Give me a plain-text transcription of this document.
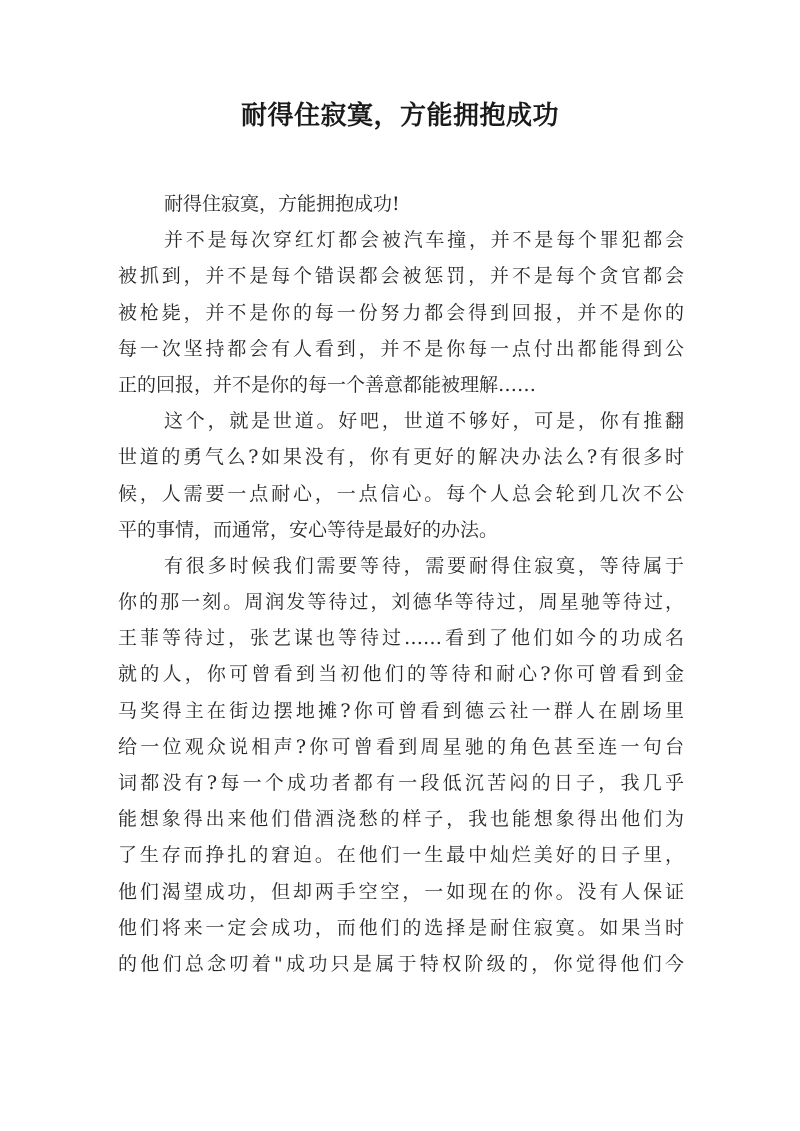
耐得住寂寞，方能拥抱成功
耐得住寂寞，方能拥抱成功!
并不是每次穿红灯都会被汽车撞，并不是每个罪犯都会
被抓到，并不是每个错误都会被惩罚，并不是每个贪官都会
被枪毙，并不是你的每一份努力都会得到回报，并不是你的
每一次坚持都会有人看到，并不是你每一点付出都能得到公
正的回报，并不是你的每一个善意都能被理解……
这个，就是世道。好吧，世道不够好，可是，你有推翻
世道的勇气么?如果没有，你有更好的解决办法么?有很多时
候，人需要一点耐心，一点信心。每个人总会轮到几次不公
平的事情，而通常，安心等待是最好的办法。
有很多时候我们需要等待，需要耐得住寂寞，等待属于
你的那一刻。周润发等待过，刘德华等待过，周星驰等待过，
王菲等待过，张艺谋也等待过……看到了他们如今的功成名
就的人，你可曾看到当初他们的等待和耐心?你可曾看到金
马奖得主在街边摆地摊?你可曾看到德云社一群人在剧场里
给一位观众说相声?你可曾看到周星驰的角色甚至连一句台
词都没有?每一个成功者都有一段低沉苦闷的日子，我几乎
能想象得出来他们借酒浇愁的样子，我也能想象得出他们为
了生存而挣扎的窘迫。在他们一生最中灿烂美好的日子里，
他们渴望成功，但却两手空空，一如现在的你。没有人保证
他们将来一定会成功，而他们的选择是耐住寂寞。如果当时
的他们总念叨着"成功只是属于特权阶级的，你觉得他们今
